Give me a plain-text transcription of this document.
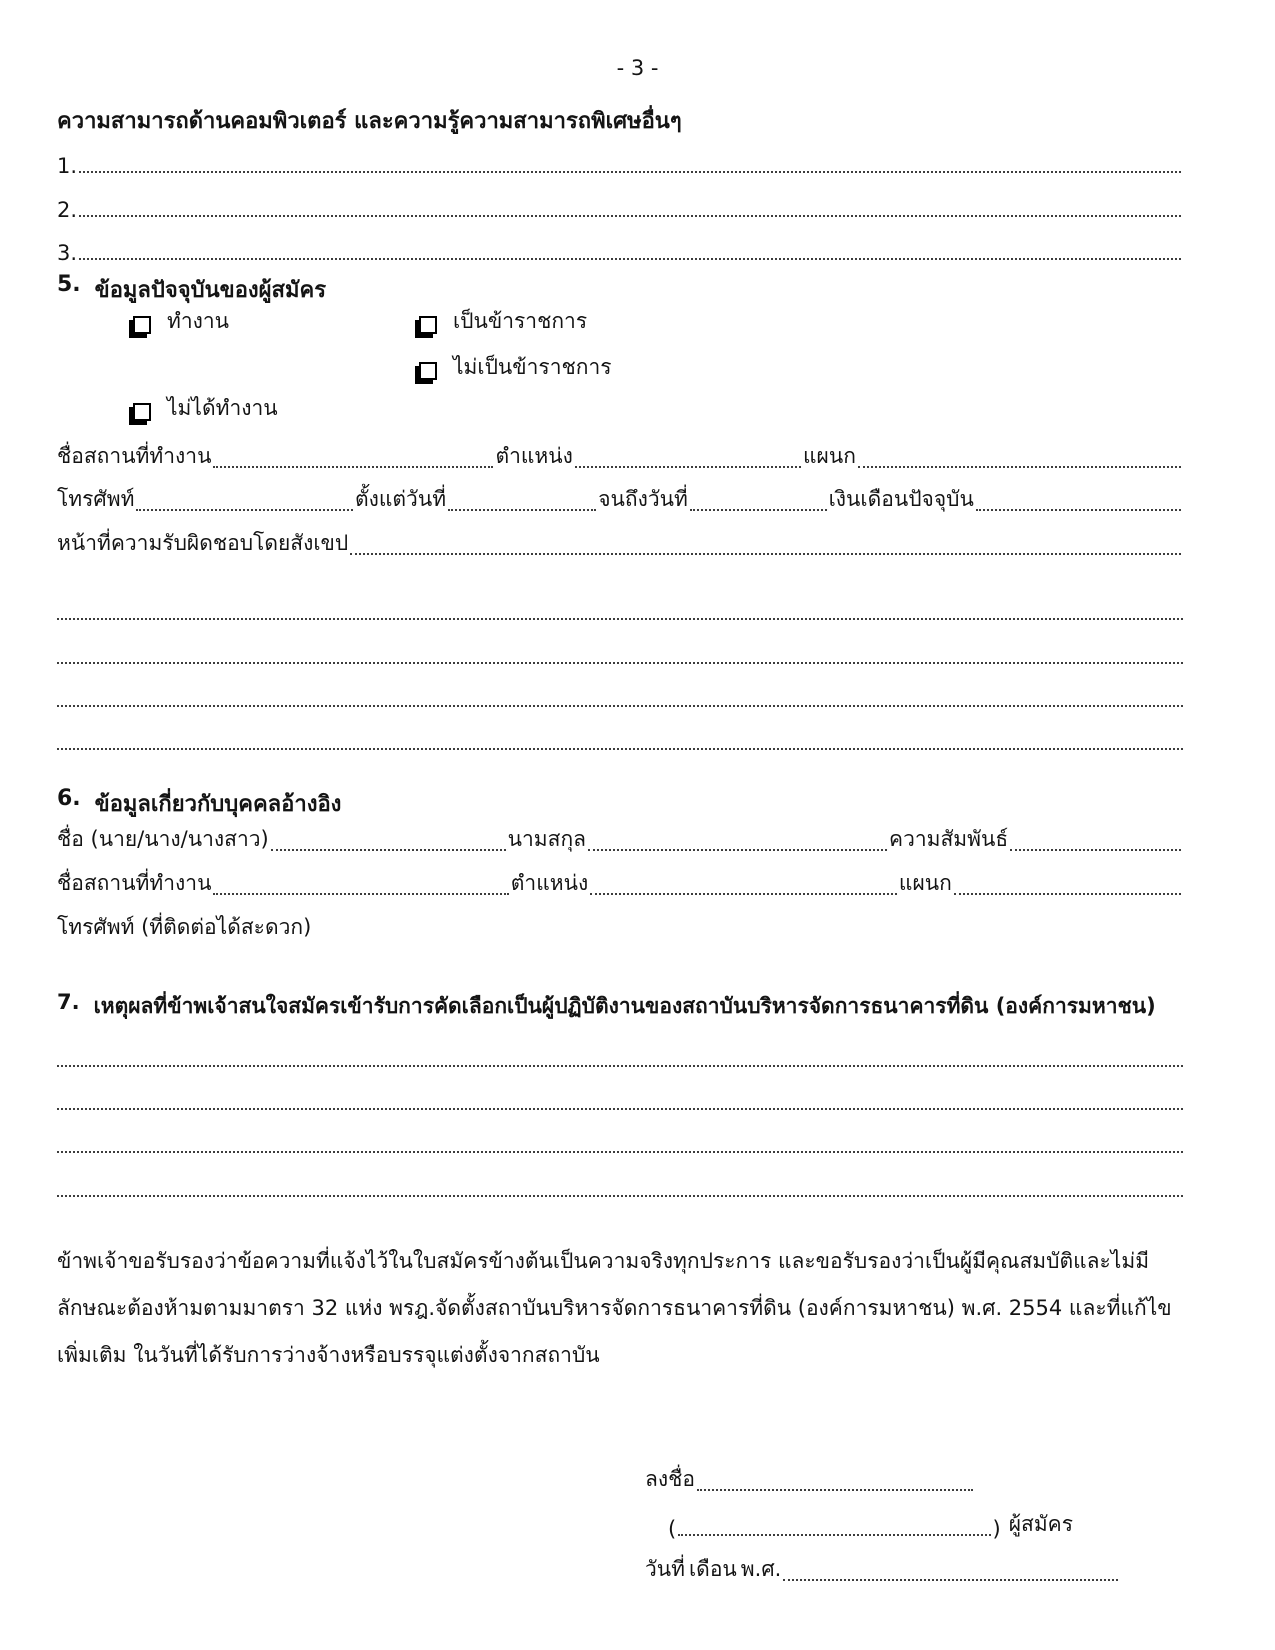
- 3 -
ความสามารถด้านคอมพิวเตอร์ และความรู้ความสามารถพิเศษอื่นๆ
1.
2.
3.
5. ข้อมูลปัจจุบันของผู้สมัคร
ทำงาน	เป็นข้าราชการ
ไม่เป็นข้าราชการ
ไม่ได้ทำงาน
ชื่อสถานที่ทำงาน	ตำแหน่ง	แผนก
โทรศัพท์	ตั้งแต่วันที่	จนถึงวันที่	เงินเดือนปัจจุบัน
หน้าที่ความรับผิดชอบโดยสังเขป
6. ข้อมูลเกี่ยวกับบุคคลอ้างอิง
ชื่อ (นาย/นาง/นางสาว)	นามสกุล	ความสัมพันธ์
ชื่อสถานที่ทำงาน	ตำแหน่ง	แผนก
โทรศัพท์ (ที่ติดต่อได้สะดวก)
7. เหตุผลที่ข้าพเจ้าสนใจสมัครเข้ารับการคัดเลือกเป็นผู้ปฏิบัติงานของสถาบันบริหารจัดการธนาคารที่ดิน (องค์การมหาชน)
ข้าพเจ้าขอรับรองว่าข้อความที่แจ้งไว้ในใบสมัครข้างต้นเป็นความจริงทุกประการ และขอรับรองว่าเป็นผู้มีคุณสมบัติและไม่มีลักษณะต้องห้ามตามมาตรา 32 แห่ง พรฎ.จัดตั้งสถาบันบริหารจัดการธนาคารที่ดิน (องค์การมหาชน) พ.ศ. 2554 และที่แก้ไขเพิ่มเติม ในวันที่ได้รับการว่างจ้างหรือบรรจุแต่งตั้งจากสถาบัน
ลงชื่อ
(	) ผู้สมัคร
วันที่ เดือน พ.ศ.
